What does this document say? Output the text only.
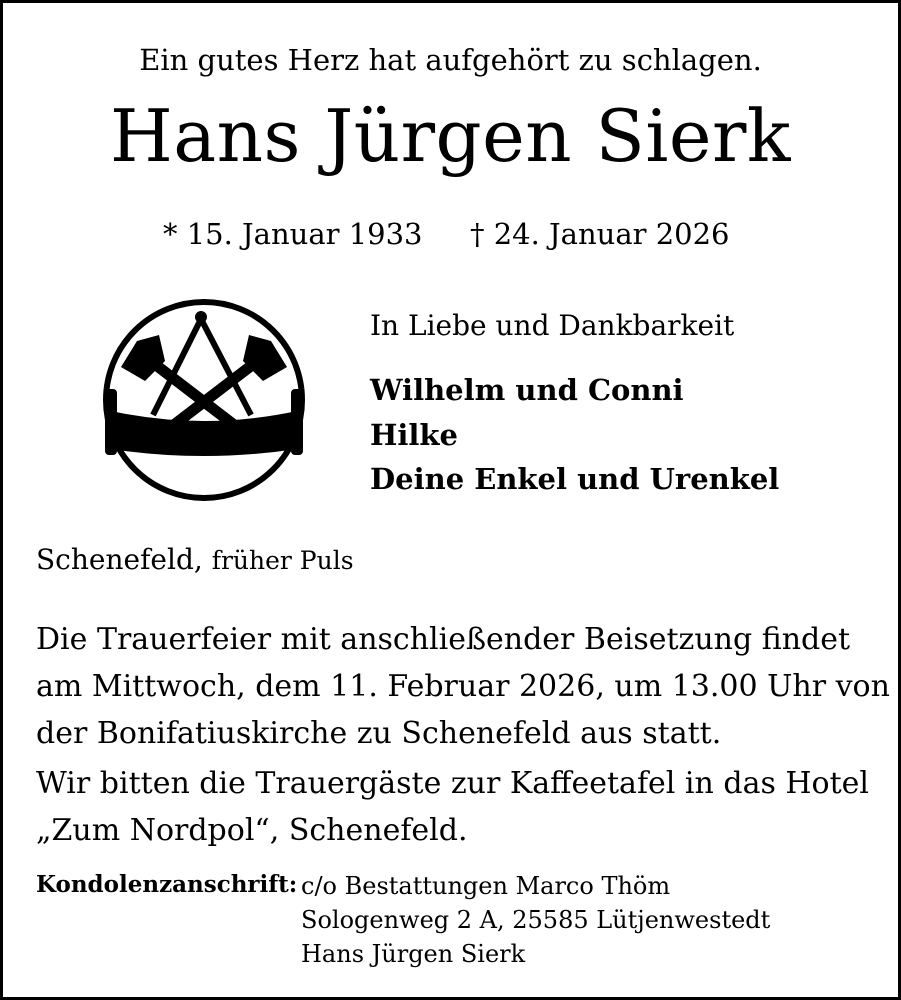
Ein gutes Herz hat aufgehört zu schlagen.
Hans Jürgen Sierk
* 15. Januar 1933 † 24. Januar 2026
In Liebe und Dankbarkeit
Wilhelm und Conni
Hilke
Deine Enkel und Urenkel
Schenefeld, früher Puls
Die Trauerfeier mit anschließender Beisetzung findet
am Mittwoch, dem 11. Februar 2026, um 13.00 Uhr von
der Bonifatiuskirche zu Schenefeld aus statt.
Wir bitten die Trauergäste zur Kaffeetafel in das Hotel
„Zum Nordpol“, Schenefeld.
Kondolenzanschrift: c/o Bestattungen Marco Thöm
Sologenweg 2 A, 25585 Lütjenwestedt
Hans Jürgen Sierk
